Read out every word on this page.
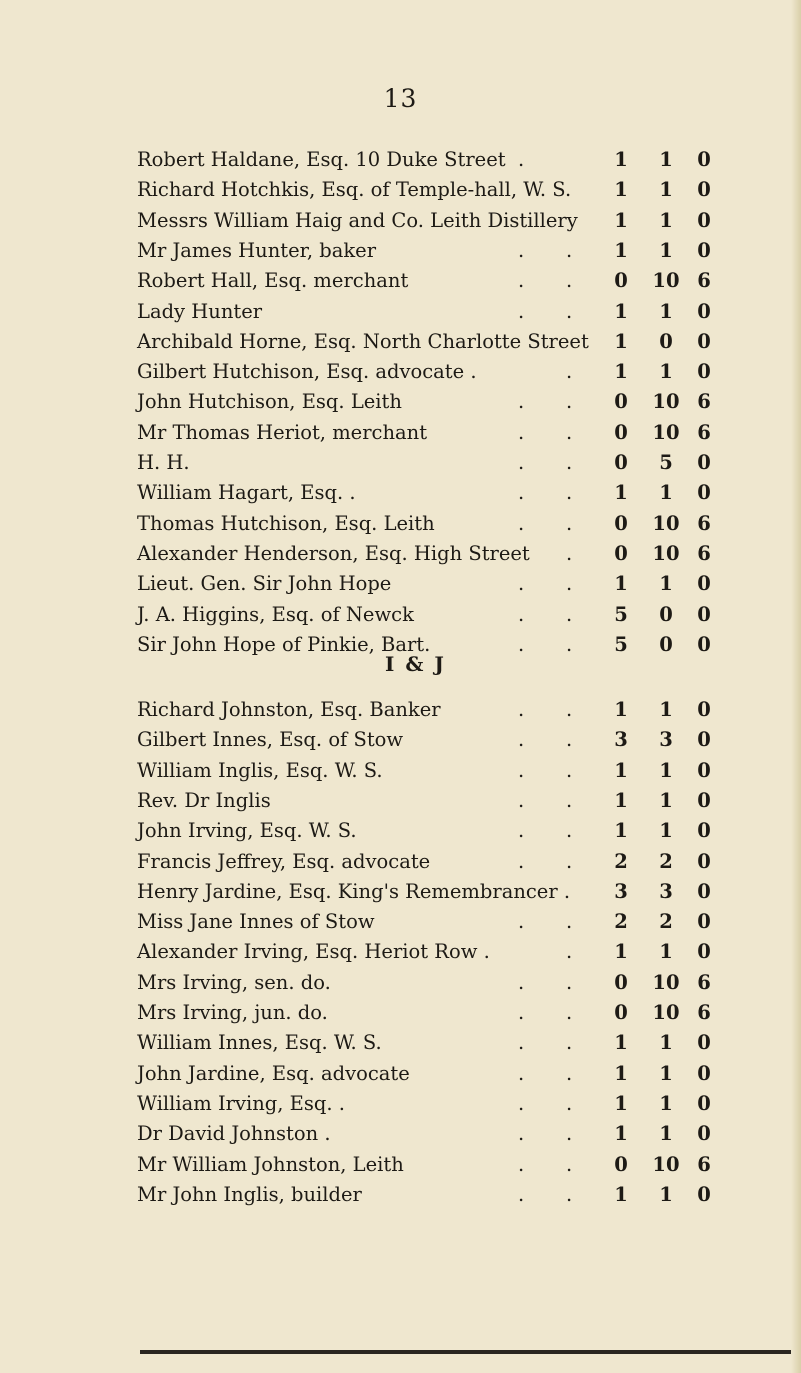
13
Robert Haldane, Esq. 10 Duke Street .	1	1	0
Richard Hotchkis, Esq. of Temple-hall, W. S.	1	1	0
Messrs William Haig and Co. Leith Distillery	1	1	0
Mr James Hunter, baker	. .	1	1	0
Robert Hall, Esq. merchant	. .	0	10 6
Lady Hunter	. .	1	1	0
Archibald Horne, Esq. North Charlotte Street	1	0	0
Gilbert Hutchison, Esq. advocate .	.	1	1	0
John Hutchison, Esq. Leith	. .	0	10 6
Mr Thomas Heriot, merchant	. .	0	10 6
H. H.	. .	0	5	0
William Hagart, Esq. .	. .	1	1	0
Thomas Hutchison, Esq. Leith	. .	0	10 6
Alexander Henderson, Esq. High Street .	0	10 6
Lieut. Gen. Sir John Hope	. .	1	1	0
J. A. Higgins, Esq. of Newck	. .	5	0	0
Sir John Hope of Pinkie, Bart.	. .	5	0	0
I & J
Richard Johnston, Esq. Banker	. .	1	1	0
Gilbert Innes, Esq. of Stow	. .	3	3	0
William Inglis, Esq. W. S.	. .	1	1	0
Rev. Dr Inglis	. .	1	1	0
John Irving, Esq. W. S.	. .	1	1	0
Francis Jeffrey, Esq. advocate	. .	2	2	0
Henry Jardine, Esq. King's Remembrancer .	3	3	0
Miss Jane Innes of Stow	. .	2	2	0
Alexander Irving, Esq. Heriot Row .	.	1	1	0
Mrs Irving, sen. do.	. .	0	10 6
Mrs Irving, jun. do.	. .	0	10 6
William Innes, Esq. W. S.	. .	1	1	0
John Jardine, Esq. advocate	. .	1	1	0
William Irving, Esq. .	. .	1	1	0
Dr David Johnston .	. .	1	1	0
Mr William Johnston, Leith	. .	0	10 6
Mr John Inglis, builder	. .	1	1	0
